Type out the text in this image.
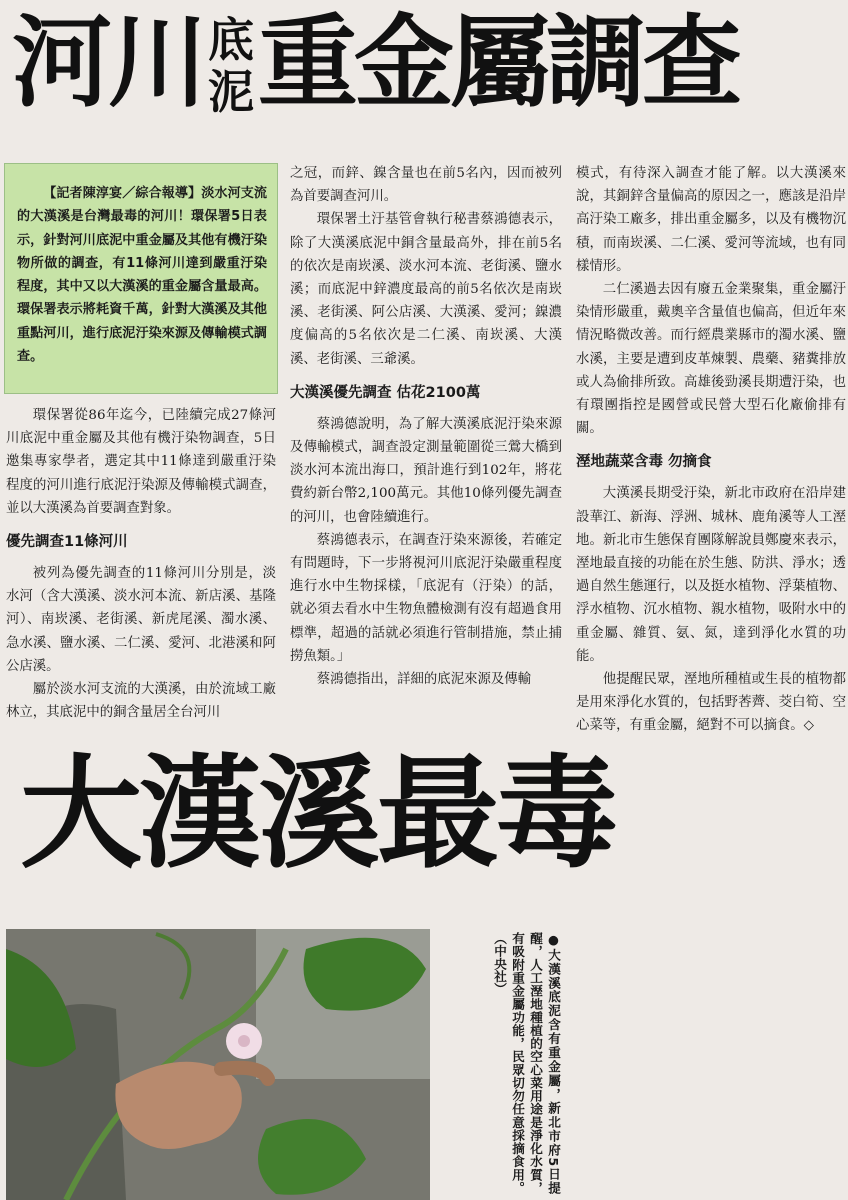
河川底
泥重金屬調查

【記者陳淳宴／綜合報導】淡水河支流的大漢溪是台灣最毒的河川！環保署5日表示，針對河川底泥中重金屬及其他有機汙染物所做的調查，有11條河川達到嚴重汙染程度，其中又以大漢溪的重金屬含量最高。環保署表示將耗資千萬，針對大漢溪及其他重點河川，進行底泥汙染來源及傳輸模式調查。

環保署從86年迄今，已陸續完成27條河川底泥中重金屬及其他有機汙染物調查，5日邀集專家學者，選定其中11條達到嚴重汙染程度的河川進行底泥汙染源及傳輸模式調查，並以大漢溪為首要調查對象。

優先調查11條河川

被列為優先調查的11條河川分別是，淡水河（含大漢溪、淡水河本流、新店溪、基隆河）、南崁溪、老街溪、新虎尾溪、濁水溪、急水溪、鹽水溪、二仁溪、愛河、北港溪和阿公店溪。

屬於淡水河支流的大漢溪，由於流域工廠林立，其底泥中的銅含量居全台河川

之冠，而鋅、鎳含量也在前5名內，因而被列為首要調查河川。

環保署土汙基管會執行秘書蔡鴻德表示，除了大漢溪底泥中銅含量最高外，排在前5名的依次是南崁溪、淡水河本流、老街溪、鹽水溪；而底泥中鋅濃度最高的前5名依次是南崁溪、老街溪、阿公店溪、大漢溪、愛河；鎳濃度偏高的5名依次是二仁溪、南崁溪、大漢溪、老街溪、三爺溪。

大漢溪優先調查 估花2100萬

蔡鴻德說明，為了解大漢溪底泥汙染來源及傳輸模式，調查設定測量範圍從三鶯大橋到淡水河本流出海口，預計進行到102年，將花費約新台幣2,100萬元。其他10條列優先調查的河川，也會陸續進行。

蔡鴻德表示，在調查汙染來源後，若確定有問題時，下一步將視河川底泥汙染嚴重程度進行水中生物採樣，「底泥有（汙染）的話，就必須去看水中生物魚體檢測有沒有超過食用標準，超過的話就必須進行管制措施，禁止捕撈魚類。」

蔡鴻德指出，詳細的底泥來源及傳輸

模式，有待深入調查才能了解。以大漢溪來說，其銅鋅含量偏高的原因之一，應該是沿岸高汙染工廠多，排出重金屬多，以及有機物沉積，而南崁溪、二仁溪、愛河等流域，也有同樣情形。

二仁溪過去因有廢五金業聚集，重金屬汙染情形嚴重，戴奧辛含量值也偏高，但近年來情況略微改善。而行經農業縣市的濁水溪、鹽水溪，主要是遭到皮革煉製、農藥、豬糞排放或人為偷排所致。高雄後勁溪長期遭汙染，也有環團指控是國營或民營大型石化廠偷排有關。

溼地蔬菜含毒 勿摘食

大漢溪長期受汙染，新北市政府在沿岸建設華江、新海、浮洲、城林、鹿角溪等人工溼地。新北市生態保育團隊解說員鄭慶來表示，溼地最直接的功能在於生態、防洪、淨水；透過自然生態運行，以及挺水植物、浮葉植物、浮水植物、沉水植物、親水植物，吸附水中的重金屬、雜質、氨、氮，達到淨化水質的功能。

他提醒民眾，溼地所種植或生長的植物都是用來淨化水質的，包括野莕薺、茭白筍、空心菜等，有重金屬，絕對不可以摘食。◇

大漢溪最毒
●大漢溪底泥含有重金屬，新北市府5日提醒，人工溼地種植的空心菜用途是淨化水質，有吸附重金屬功能，民眾切勿任意採摘食用。（中央社）
